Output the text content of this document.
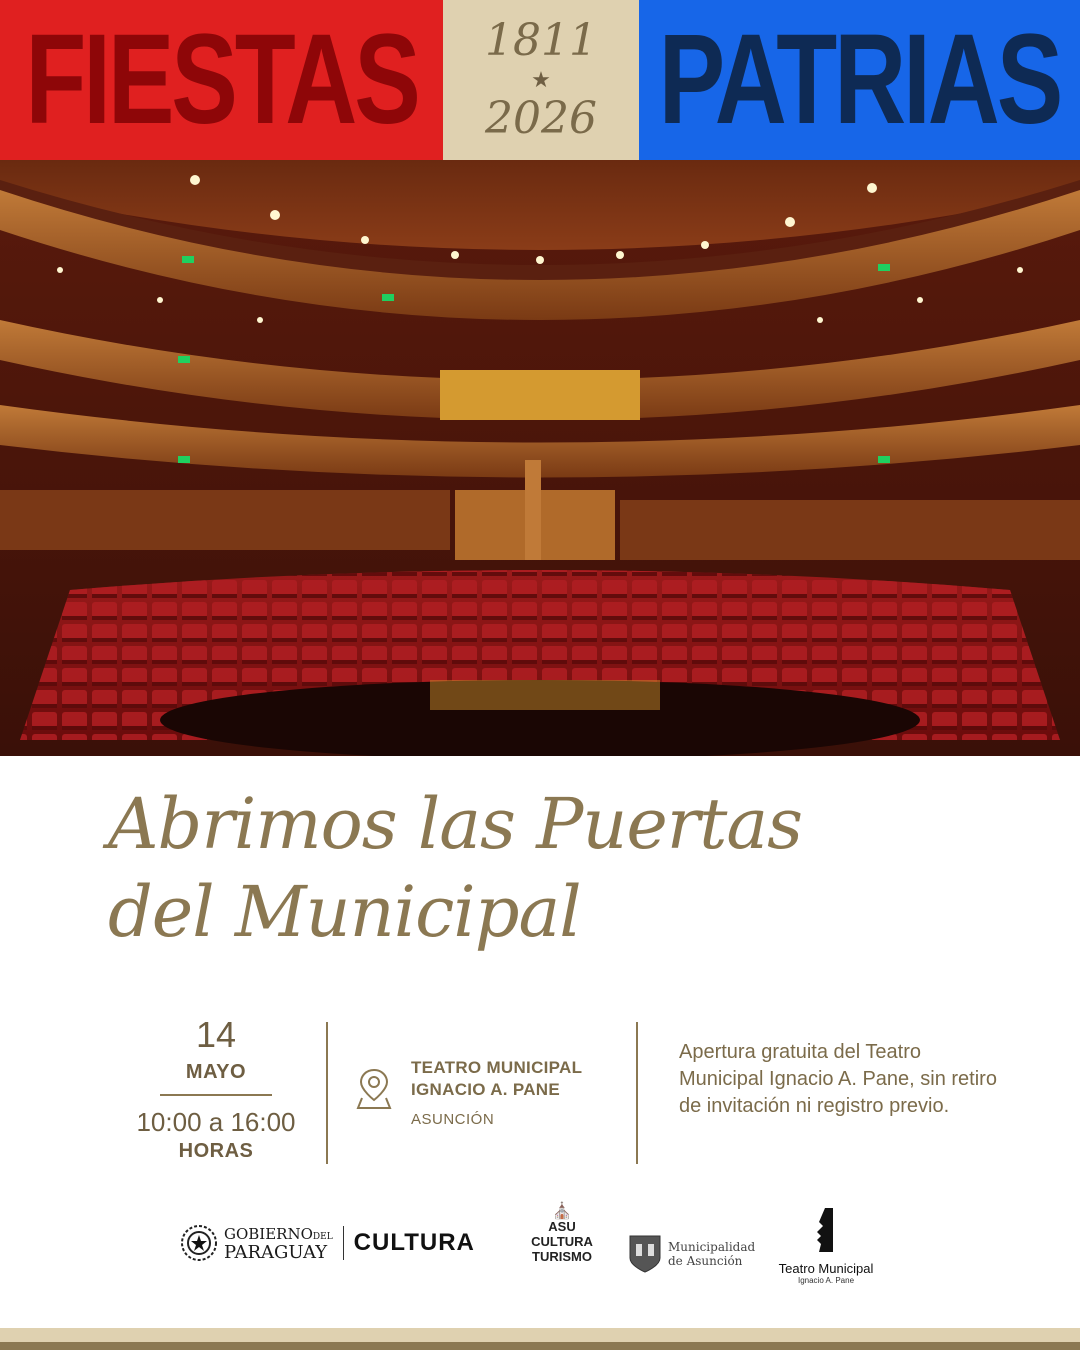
FIESTAS 1811
★
2026 PATRIAS
Abrimos las Puertas
del Municipal
14
MAYO
10:00 a 16:00
HORAS
TEATRO MUNICIPAL
IGNACIO A. PANE
ASUNCIÓN
Apertura gratuita del Teatro Municipal Ignacio A. Pane, sin retiro de invitación ni registro previo.
GOBIERNODEL
PARAGUAY CULTURA
⛪
ASU
CULTURA
TURISMO
Municipalidad
de Asunción	Teatro Municipal
Ignacio A. Pane
